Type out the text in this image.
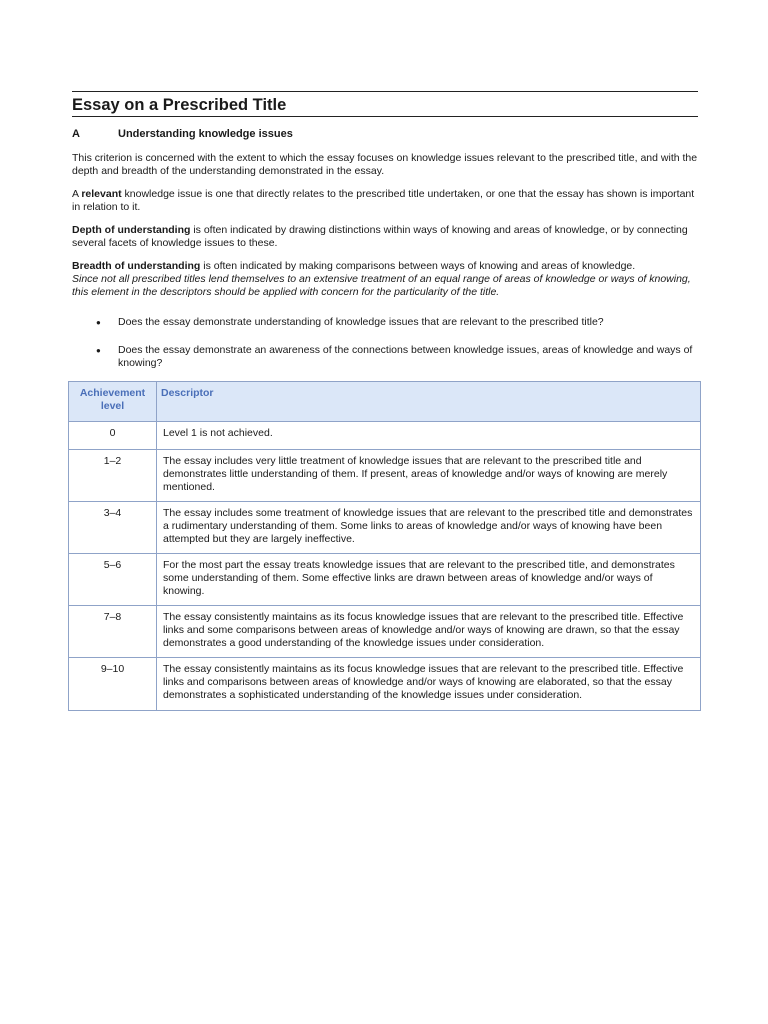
Essay on a Prescribed Title
A	Understanding knowledge issues

This criterion is concerned with the extent to which the essay focuses on knowledge issues relevant to the prescribed title, and with the depth and breadth of the understanding demonstrated in the essay.

A relevant knowledge issue is one that directly relates to the prescribed title undertaken, or one that the essay has shown is important in relation to it.

Depth of understanding is often indicated by drawing distinctions within ways of knowing and areas of knowledge, or by connecting several facets of knowledge issues to these.

Breadth of understanding is often indicated by making comparisons between ways of knowing and areas of knowledge.
Since not all prescribed titles lend themselves to an extensive treatment of an equal range of areas of knowledge or ways of knowing, this element in the descriptors should be applied with concern for the particularity of the title.

●	Does the essay demonstrate understanding of knowledge issues that are relevant to the prescribed title?
●	Does the essay demonstrate an awareness of the connections between knowledge issues, areas of knowledge and ways of knowing?
Achievement level	Descriptor
0	Level 1 is not achieved.
1–2	The essay includes very little treatment of knowledge issues that are relevant to the prescribed title and demonstrates little understanding of them. If present, areas of knowledge and/or ways of knowing are merely mentioned.
3–4	The essay includes some treatment of knowledge issues that are relevant to the prescribed title and demonstrates a rudimentary understanding of them. Some links to areas of knowledge and/or ways of knowing have been attempted but they are largely ineffective.
5–6	For the most part the essay treats knowledge issues that are relevant to the prescribed title, and demonstrates some understanding of them. Some effective links are drawn between areas of knowledge and/or ways of knowing.
7–8	The essay consistently maintains as its focus knowledge issues that are relevant to the prescribed title. Effective links and some comparisons between areas of knowledge and/or ways of knowing are drawn, so that the essay demonstrates a good understanding of the knowledge issues under consideration.
9–10	The essay consistently maintains as its focus knowledge issues that are relevant to the prescribed title. Effective links and comparisons between areas of knowledge and/or ways of knowing are elaborated, so that the essay demonstrates a sophisticated understanding of the knowledge issues under consideration.
